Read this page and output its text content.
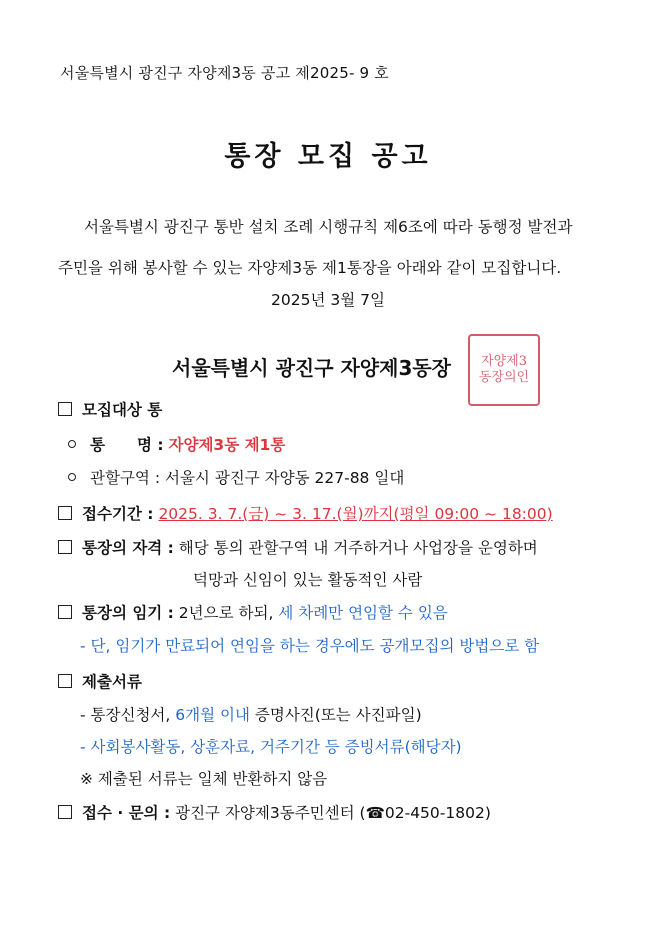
서울특별시 광진구 자양제3동 공고 제2025- 9 호
통장 모집 공고
서울특별시 광진구 통반 설치 조례 시행규칙 제6조에 따라 동행정 발전과
주민을 위해 봉사할 수 있는 자양제3동 제1통장을 아래와 같이 모집합니다.
2025년 3월 7일
서울특별시 광진구 자양제3동장 자양제3
동장의인
모집대상 통
통 명 : 자양제3동 제1통
관할구역 : 서울시 광진구 자양동 227-88 일대
접수기간 : 2025. 3. 7.(금) ~ 3. 17.(월)까지(평일 09:00 ~ 18:00)
통장의 자격 : 해당 통의 관할구역 내 거주하거나 사업장을 운영하며
덕망과 신임이 있는 활동적인 사람
통장의 임기 : 2년으로 하되, 세 차례만 연임할 수 있음
- 단, 임기가 만료되어 연임을 하는 경우에도 공개모집의 방법으로 함
제출서류
- 통장신청서, 6개월 이내 증명사진(또는 사진파일)
- 사회봉사활동, 상훈자료, 거주기간 등 증빙서류(해당자)
※ 제출된 서류는 일체 반환하지 않음
접수 · 문의 : 광진구 자양제3동주민센터 (☎02-450-1802)
